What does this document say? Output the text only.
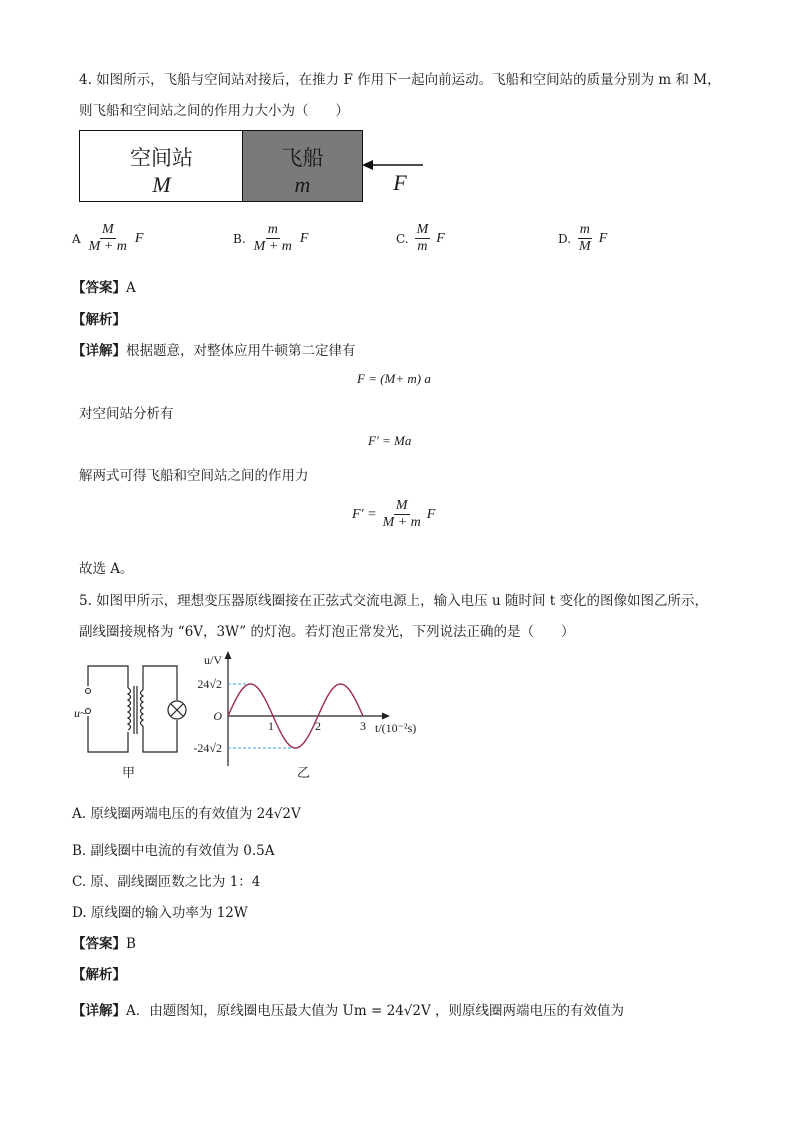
4. 如图所示，飞船与空间站对接后，在推力 F 作用下一起向前运动。飞船和空间站的质量分别为 m 和 M，
则飞船和空间站之间的作用力大小为（　　）
空间站
M
飞船
m	F
A $\frac{M}{M + m}$ F	B. $\frac{m}{M + m}$ F	C. $\frac{M}{m}$ F	D. $\frac{m}{M}$ F
【答案】A
【解析】
【详解】根据题意，对整体应用牛顿第二定律有
F = (M+ m) a
对空间站分析有
F′ = Ma
解两式可得飞船和空间站之间的作用力
$F' = \frac{M}{M + m}$ F
故选 A。
5. 如图甲所示，理想变压器原线圈接在正弦式交流电源上，输入电压 u 随时间 t 变化的图像如图乙所示，
副线圈接规格为 “6V，3W” 的灯泡。若灯泡正常发光，下列说法正确的是（　　）
u~
甲
1	2	3
24√2
-24√2
O
u/V
t/(10⁻²s)
乙
A. 原线圈两端电压的有效值为 24√2V
B. 副线圈中电流的有效值为 0.5A
C. 原、副线圈匝数之比为 1：4
D. 原线圈的输入功率为 12W
【答案】B
【解析】
【详解】A．由题图知，原线圈电压最大值为 Um = 24√2V ，则原线圈两端电压的有效值为
